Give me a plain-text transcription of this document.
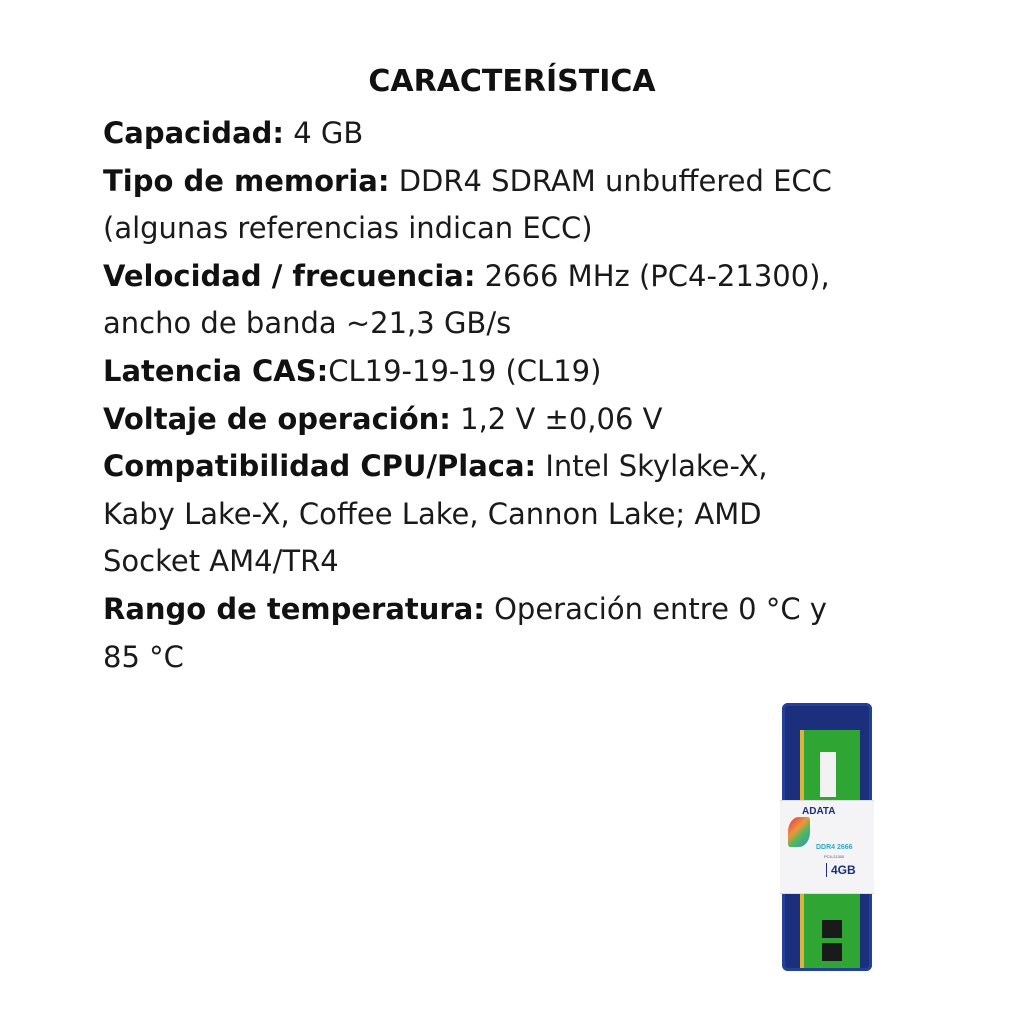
CARACTERÍSTICA
Capacidad: 4 GB
Tipo de memoria: DDR4 SDRAM unbuffered ECC
(algunas referencias indican ECC)
Velocidad / frecuencia: 2666 MHz (PC4-21300),
ancho de banda ~21,3 GB/s
Latencia CAS:CL19-19-19 (CL19)
Voltaje de operación: 1,2 V ±0,06 V
Compatibilidad CPU/Placa: Intel Skylake-X,
Kaby Lake-X, Coffee Lake, Cannon Lake; AMD
Socket AM4/TR4
Rango de temperatura: Operación entre 0 °C y
85 °C
ADATA
DDR4 2666
PC4-21300
4GB
